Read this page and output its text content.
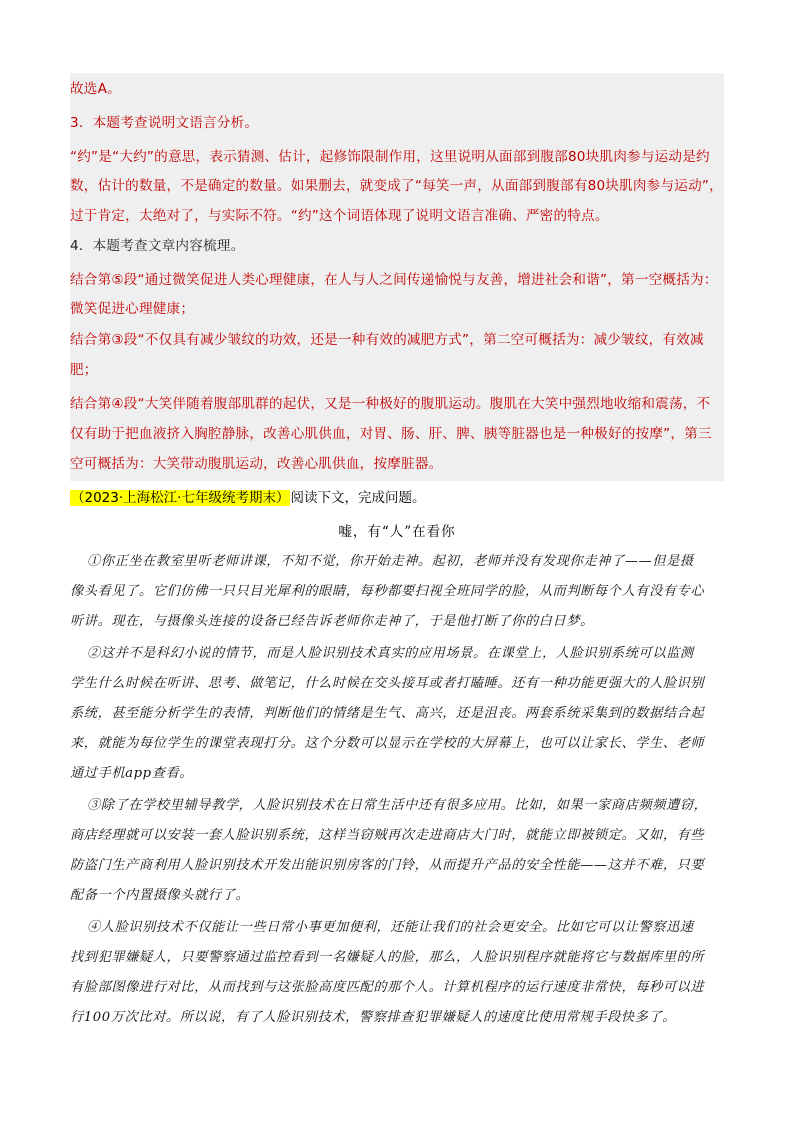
故选A。
3．本题考查说明文语言分析。
“约”是“大约”的意思，表示猜测、估计，起修饰限制作用，这里说明从面部到腹部80块肌肉参与运动是约
数，估计的数量，不是确定的数量。如果删去，就变成了“每笑一声，从面部到腹部有80块肌肉参与运动”，
过于肯定，太绝对了，与实际不符。“约”这个词语体现了说明文语言准确、严密的特点。
4．本题考查文章内容梳理。
结合第⑤段“通过微笑促进人类心理健康，在人与人之间传递愉悦与友善，增进社会和谐”，第一空概括为：
微笑促进心理健康；
结合第③段“不仅具有减少皱纹的功效，还是一种有效的减肥方式”，第二空可概括为：减少皱纹，有效减
肥；
结合第④段“大笑伴随着腹部肌群的起伏，又是一种极好的腹肌运动。腹肌在大笑中强烈地收缩和震荡，不
仅有助于把血液挤入胸腔静脉，改善心肌供血，对胃、肠、肝、脾、胰等脏器也是一种极好的按摩”，第三
空可概括为：大笑带动腹肌运动，改善心肌供血，按摩脏器。
（2023·上海松江·七年级统考期末）阅读下文，完成问题。
嘘，有“人”在看你
①你正坐在教室里听老师讲课，不知不觉，你开始走神。起初，老师并没有发现你走神了——但是摄
像头看见了。它们仿佛一只只目光犀利的眼睛，每秒都要扫视全班同学的脸，从而判断每个人有没有专心
听讲。现在，与摄像头连接的设备已经告诉老师你走神了，于是他打断了你的白日梦。
②这并不是科幻小说的情节，而是人脸识别技术真实的应用场景。在课堂上，人脸识别系统可以监测
学生什么时候在听讲、思考、做笔记，什么时候在交头接耳或者打瞌睡。还有一种功能更强大的人脸识别
系统，甚至能分析学生的表情，判断他们的情绪是生气、高兴，还是沮丧。两套系统采集到的数据结合起
来，就能为每位学生的课堂表现打分。这个分数可以显示在学校的大屏幕上，也可以让家长、学生、老师
通过手机app查看。
③除了在学校里辅导教学，人脸识别技术在日常生活中还有很多应用。比如，如果一家商店频频遭窃，
商店经理就可以安装一套人脸识别系统，这样当窃贼再次走进商店大门时，就能立即被锁定。又如，有些
防盗门生产商利用人脸识别技术开发出能识别房客的门铃，从而提升产品的安全性能——这并不难，只要
配备一个内置摄像头就行了。
④人脸识别技术不仅能让一些日常小事更加便利，还能让我们的社会更安全。比如它可以让警察迅速
找到犯罪嫌疑人，只要警察通过监控看到一名嫌疑人的脸，那么，人脸识别程序就能将它与数据库里的所
有脸部图像进行对比，从而找到与这张脸高度匹配的那个人。计算机程序的运行速度非常快，每秒可以进
行100万次比对。所以说，有了人脸识别技术，警察排查犯罪嫌疑人的速度比使用常规手段快多了。
